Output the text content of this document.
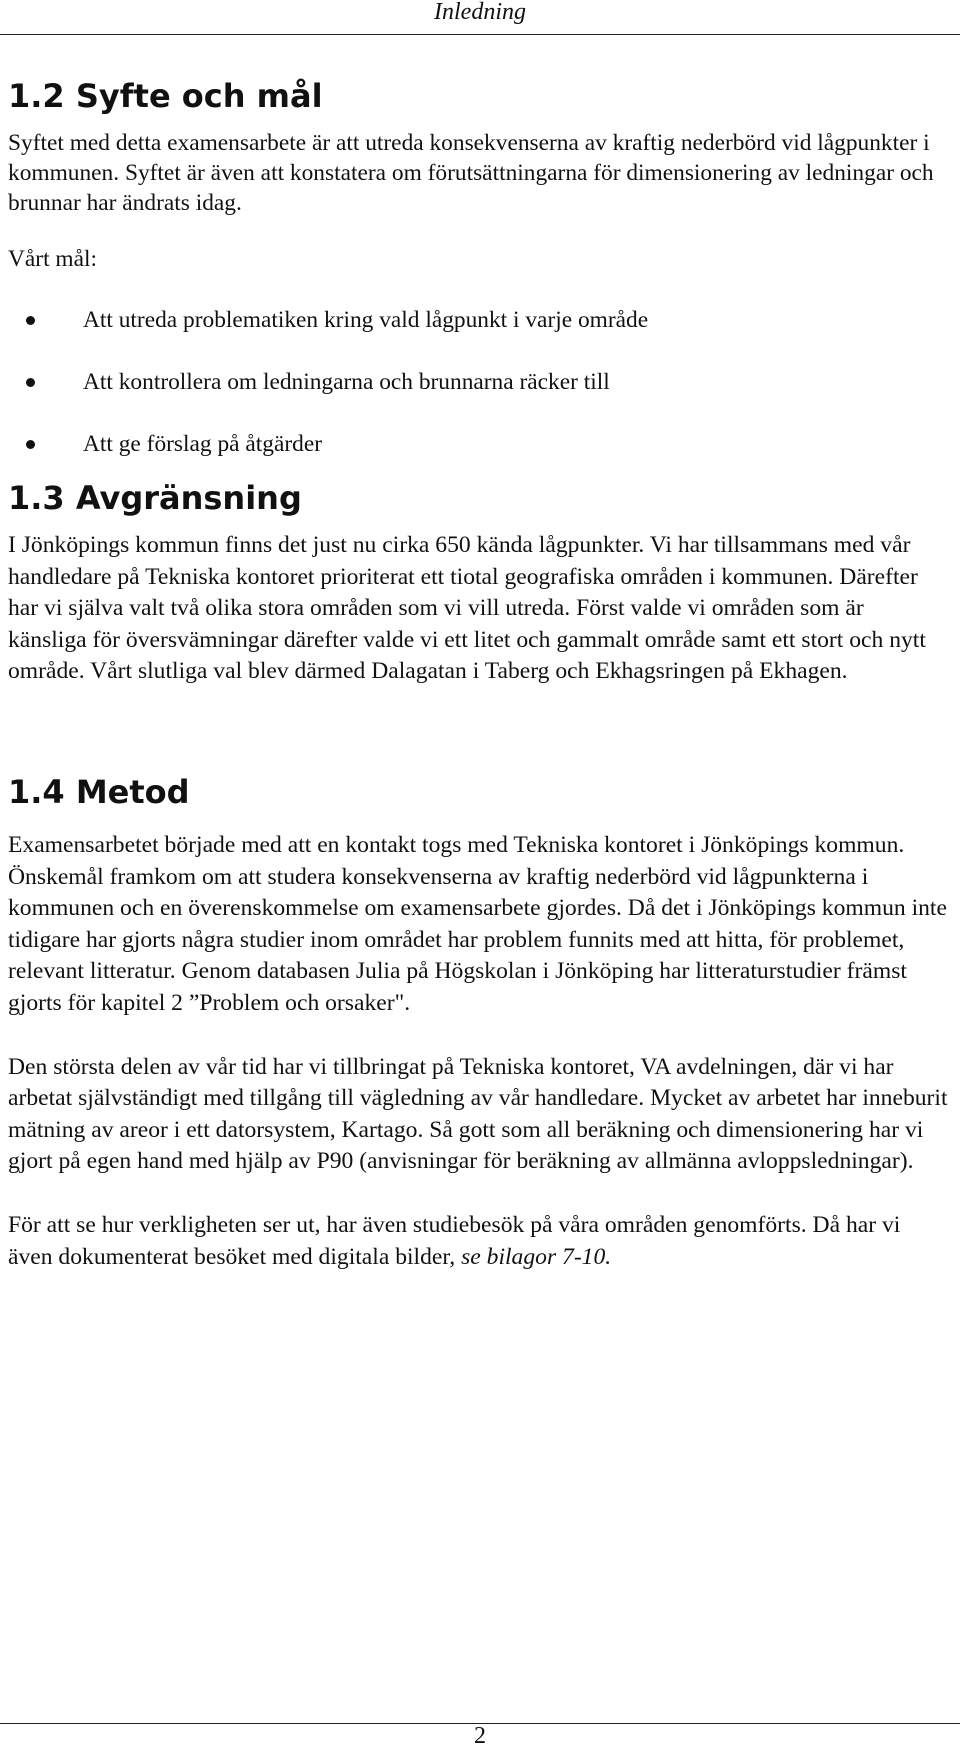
Inledning
1.2 Syfte och mål

Syftet med detta examensarbete är att utreda konsekvenserna av kraftig nederbörd vid lågpunkter i kommunen. Syftet är även att konstatera om förutsättningarna för dimensionering av ledningar och brunnar har ändrats idag.

Vårt mål:

Att utreda problematiken kring vald lågpunkt i varje område
Att kontrollera om ledningarna och brunnarna räcker till
Att ge förslag på åtgärder
1.3 Avgränsning

I Jönköpings kommun finns det just nu cirka 650 kända lågpunkter. Vi har tillsammans med vår handledare på Tekniska kontoret prioriterat ett tiotal geografiska områden i kommunen. Därefter har vi själva valt två olika stora områden som vi vill utreda. Först valde vi områden som är känsliga för översvämningar därefter valde vi ett litet och gammalt område samt ett stort och nytt område. Vårt slutliga val blev därmed Dalagatan i Taberg och Ekhagsringen på Ekhagen.

1.4 Metod

Examensarbetet började med att en kontakt togs med Tekniska kontoret i Jönköpings kommun. Önskemål framkom om att studera konsekvenserna av kraftig nederbörd vid lågpunkterna i kommunen och en överenskommelse om examensarbete gjordes. Då det i Jönköpings kommun inte tidigare har gjorts några studier inom området har problem funnits med att hitta, för problemet, relevant litteratur. Genom databasen Julia på Högskolan i Jönköping har litteraturstudier främst gjorts för kapitel 2 ”Problem och orsaker".

Den största delen av vår tid har vi tillbringat på Tekniska kontoret, VA avdelningen, där vi har arbetat självständigt med tillgång till vägledning av vår handledare. Mycket av arbetet har inneburit mätning av areor i ett datorsystem, Kartago. Så gott som all beräkning och dimensionering har vi gjort på egen hand med hjälp av P90 (anvisningar för beräkning av allmänna avloppsledningar).

För att se hur verkligheten ser ut, har även studiebesök på våra områden genomförts. Då har vi även dokumenterat besöket med digitala bilder, se bilagor 7-10.

2
